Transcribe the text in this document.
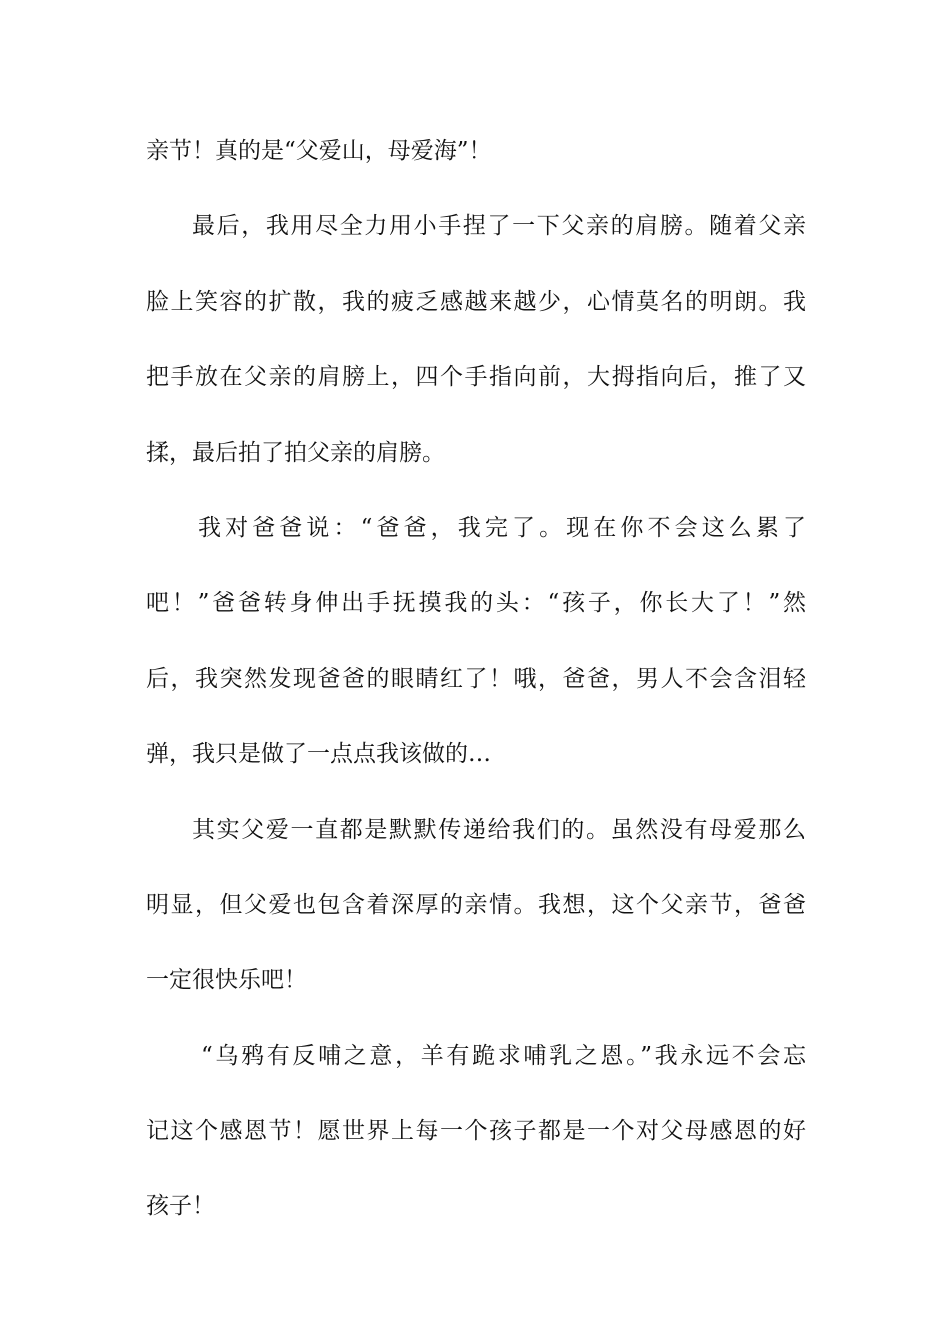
亲节！真的是“父爱山，母爱海”！
最后，我用尽全力用小手捏了一下父亲的肩膀。随着父亲
脸上笑容的扩散，我的疲乏感越来越少，心情莫名的明朗。我
把手放在父亲的肩膀上，四个手指向前，大拇指向后，推了又
揉，最后拍了拍父亲的肩膀。
我对爸爸说：“爸爸，我完了。现在你不会这么累了
吧！”爸爸转身伸出手抚摸我的头：“孩子，你长大了！”然
后，我突然发现爸爸的眼睛红了！哦，爸爸，男人不会含泪轻
弹，我只是做了一点点我该做的…
其实父爱一直都是默默传递给我们的。虽然没有母爱那么
明显，但父爱也包含着深厚的亲情。我想，这个父亲节，爸爸
一定很快乐吧！
“乌鸦有反哺之意，羊有跪求哺乳之恩。”我永远不会忘
记这个感恩节！愿世界上每一个孩子都是一个对父母感恩的好
孩子！
